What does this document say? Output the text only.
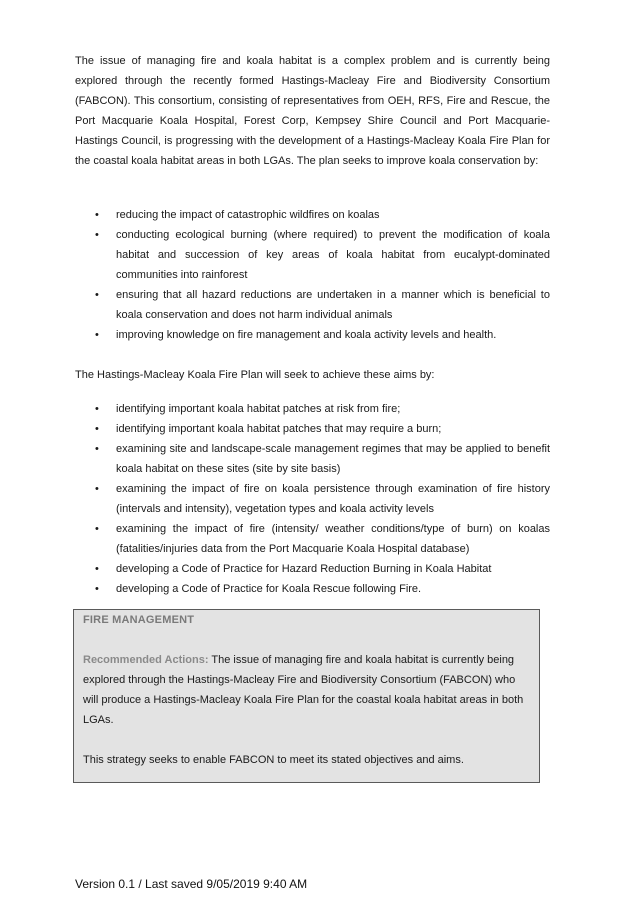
The issue of managing fire and koala habitat is a complex problem and is currently being explored through the recently formed Hastings-Macleay Fire and Biodiversity Consortium (FABCON). This consortium, consisting of representatives from OEH, RFS, Fire and Rescue, the Port Macquarie Koala Hospital, Forest Corp, Kempsey Shire Council and Port Macquarie-Hastings Council, is progressing with the development of a Hastings-Macleay Koala Fire Plan for the coastal koala habitat areas in both LGAs. The plan seeks to improve koala conservation by:

• reducing the impact of catastrophic wildfires on koalas
• conducting ecological burning (where required) to prevent the modification of koala habitat and succession of key areas of koala habitat from eucalypt-dominated communities into rainforest
• ensuring that all hazard reductions are undertaken in a manner which is beneficial to koala conservation and does not harm individual animals
• improving knowledge on fire management and koala activity levels and health.

The Hastings-Macleay Koala Fire Plan will seek to achieve these aims by:

• identifying important koala habitat patches at risk from fire;
• identifying important koala habitat patches that may require a burn;
• examining site and landscape-scale management regimes that may be applied to benefit koala habitat on these sites (site by site basis)
• examining the impact of fire on koala persistence through examination of fire history (intervals and intensity), vegetation types and koala activity levels
• examining the impact of fire (intensity/ weather conditions/type of burn) on koalas (fatalities/injuries data from the Port Macquarie Koala Hospital database)
• developing a Code of Practice for Hazard Reduction Burning in Koala Habitat
• developing a Code of Practice for Koala Rescue following Fire.
FIRE MANAGEMENT

Recommended Actions: The issue of managing fire and koala habitat is currently being explored through the Hastings-Macleay Fire and Biodiversity Consortium (FABCON) who will produce a Hastings-Macleay Koala Fire Plan for the coastal koala habitat areas in both LGAs.

This strategy seeks to enable FABCON to meet its stated objectives and aims.
Version 0.1 / Last saved 9/05/2019 9:40 AM
